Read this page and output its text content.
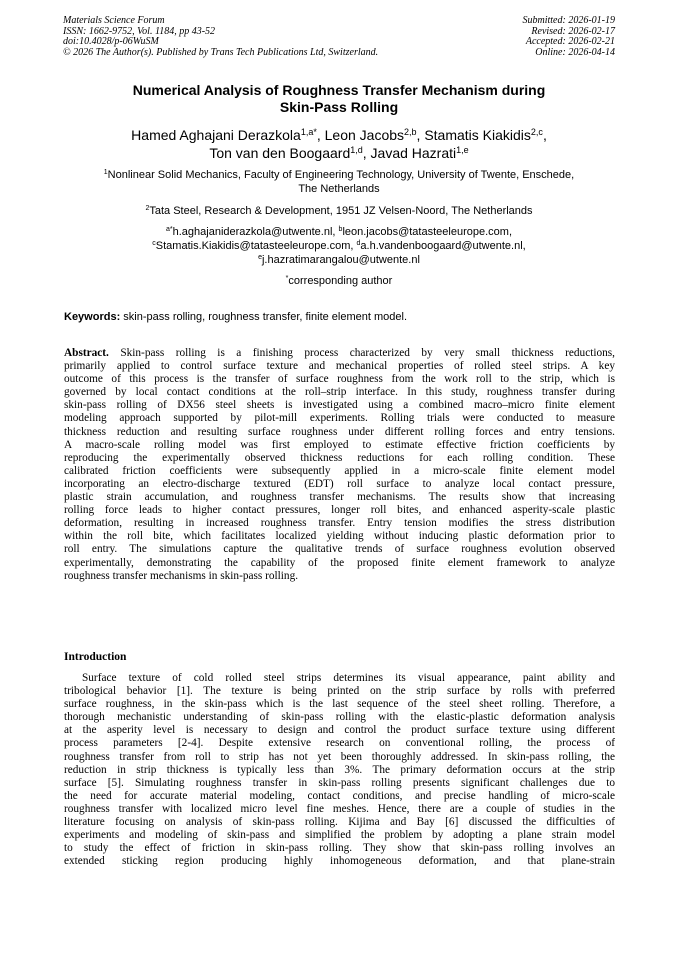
Materials Science Forum
ISSN: 1662-9752, Vol. 1184, pp 43-52
doi:10.4028/p-06WuSM
© 2026 The Author(s). Published by Trans Tech Publications Ltd, Switzerland.
Submitted: 2026-01-19
Revised: 2026-02-17
Accepted: 2026-02-21
Online: 2026-04-14
Numerical Analysis of Roughness Transfer Mechanism during
Skin-Pass Rolling
Hamed Aghajani Derazkola$^{1,a*}$, Leon Jacobs$^{2,b}$, Stamatis Kiakidis$^{2,c}$,
Ton van den Boogaard$^{1,d}$, Javad Hazrati$^{1,e}$
$^1$Nonlinear Solid Mechanics, Faculty of Engineering Technology, University of Twente, Enschede,
The Netherlands
$^2$Tata Steel, Research & Development, 1951 JZ Velsen-Noord, The Netherlands
$^{a*}$h.aghajaniderazkola@utwente.nl, $^b$leon.jacobs@tatasteeleurope.com,
$^c$Stamatis.Kiakidis@tatasteeleurope.com, $^d$a.h.vandenboogaard@utwente.nl,
$^e$j.hazratimarangalou@utwente.nl
*corresponding author
Keywords: skin-pass rolling, roughness transfer, finite element model.
Abstract. Skin-pass rolling is a finishing process characterized by very small thickness reductions,
primarily applied to control surface texture and mechanical properties of rolled steel strips. A key
outcome of this process is the transfer of surface roughness from the work roll to the strip, which is
governed by local contact conditions at the roll–strip interface. In this study, roughness transfer during
skin-pass rolling of DX56 steel sheets is investigated using a combined macro–micro finite element
modeling approach supported by pilot-mill experiments. Rolling trials were conducted to measure
thickness reduction and resulting surface roughness under different rolling forces and entry tensions.
A macro-scale rolling model was first employed to estimate effective friction coefficients by
reproducing the experimentally observed thickness reductions for each rolling condition. These
calibrated friction coefficients were subsequently applied in a micro-scale finite element model
incorporating an electro-discharge textured (EDT) roll surface to analyze local contact pressure,
plastic strain accumulation, and roughness transfer mechanisms. The results show that increasing
rolling force leads to higher contact pressures, longer roll bites, and enhanced asperity-scale plastic
deformation, resulting in increased roughness transfer. Entry tension modifies the stress distribution
within the roll bite, which facilitates localized yielding without inducing plastic deformation prior to
roll entry. The simulations capture the qualitative trends of surface roughness evolution observed
experimentally, demonstrating the capability of the proposed finite element framework to analyze
roughness transfer mechanisms in skin-pass rolling.
Introduction
Surface texture of cold rolled steel strips determines its visual appearance, paint ability and
tribological behavior [1]. The texture is being printed on the strip surface by rolls with preferred
surface roughness, in the skin-pass which is the last sequence of the steel sheet rolling. Therefore, a
thorough mechanistic understanding of skin-pass rolling with the elastic-plastic deformation analysis
at the asperity level is necessary to design and control the product surface texture using different
process parameters [2-4]. Despite extensive research on conventional rolling, the process of
roughness transfer from roll to strip has not yet been thoroughly addressed. In skin-pass rolling, the
reduction in strip thickness is typically less than 3%. The primary deformation occurs at the strip
surface [5]. Simulating roughness transfer in skin-pass rolling presents significant challenges due to
the need for accurate material modeling, contact conditions, and precise handling of micro-scale
roughness transfer with localized micro level fine meshes. Hence, there are a couple of studies in the
literature focusing on analysis of skin-pass rolling. Kijima and Bay [6] discussed the difficulties of
experiments and modeling of skin-pass and simplified the problem by adopting a plane strain model
to study the effect of friction in skin-pass rolling. They show that skin-pass rolling involves an
extended sticking region producing highly inhomogeneous deformation, and that plane-strain
